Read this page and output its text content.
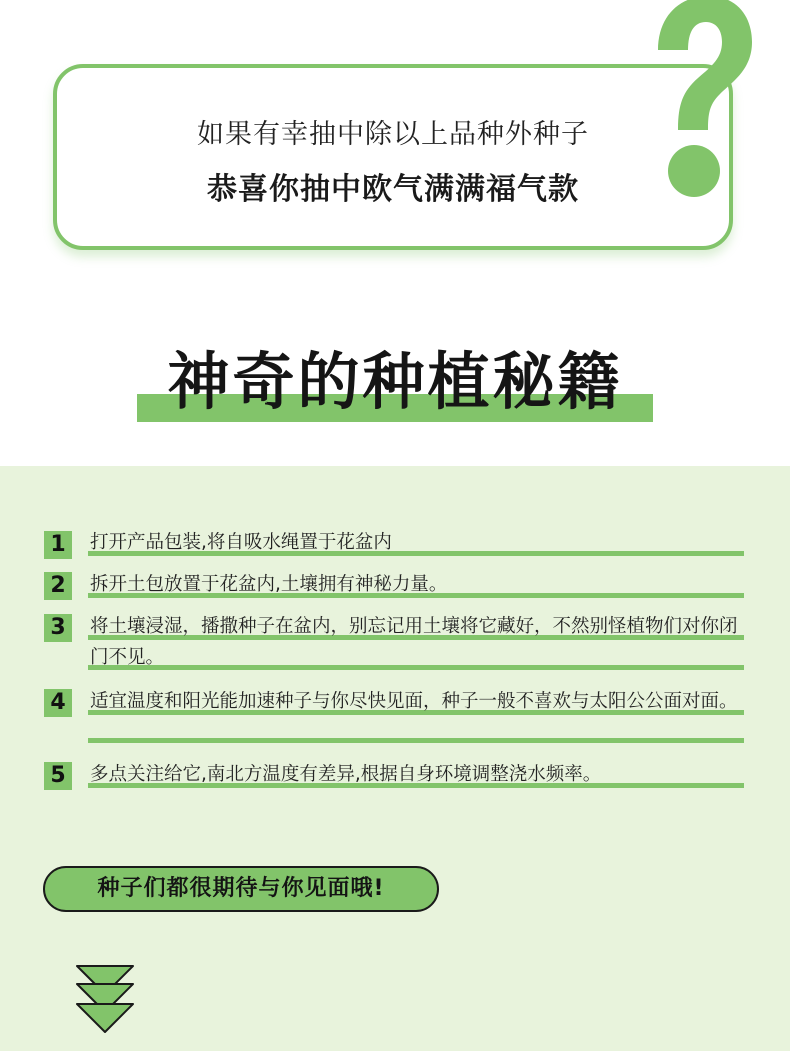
如果有幸抽中除以上品种外种子
恭喜你抽中欧气满满福气款
神奇的种植秘籍
1	打开产品包装,将自吸水绳置于花盆内
2	拆开土包放置于花盆内,土壤拥有神秘力量。
3	将土壤浸湿，播撒种子在盆内，别忘记用土壤将它藏好，不然别怪植物们对你闭门不见。
4	适宜温度和阳光能加速种子与你尽快见面，种子一般不喜欢与太阳公公面对面。
5	多点关注给它,南北方温度有差异,根据自身环境调整浇水频率。
种子们都很期待与你见面哦!
